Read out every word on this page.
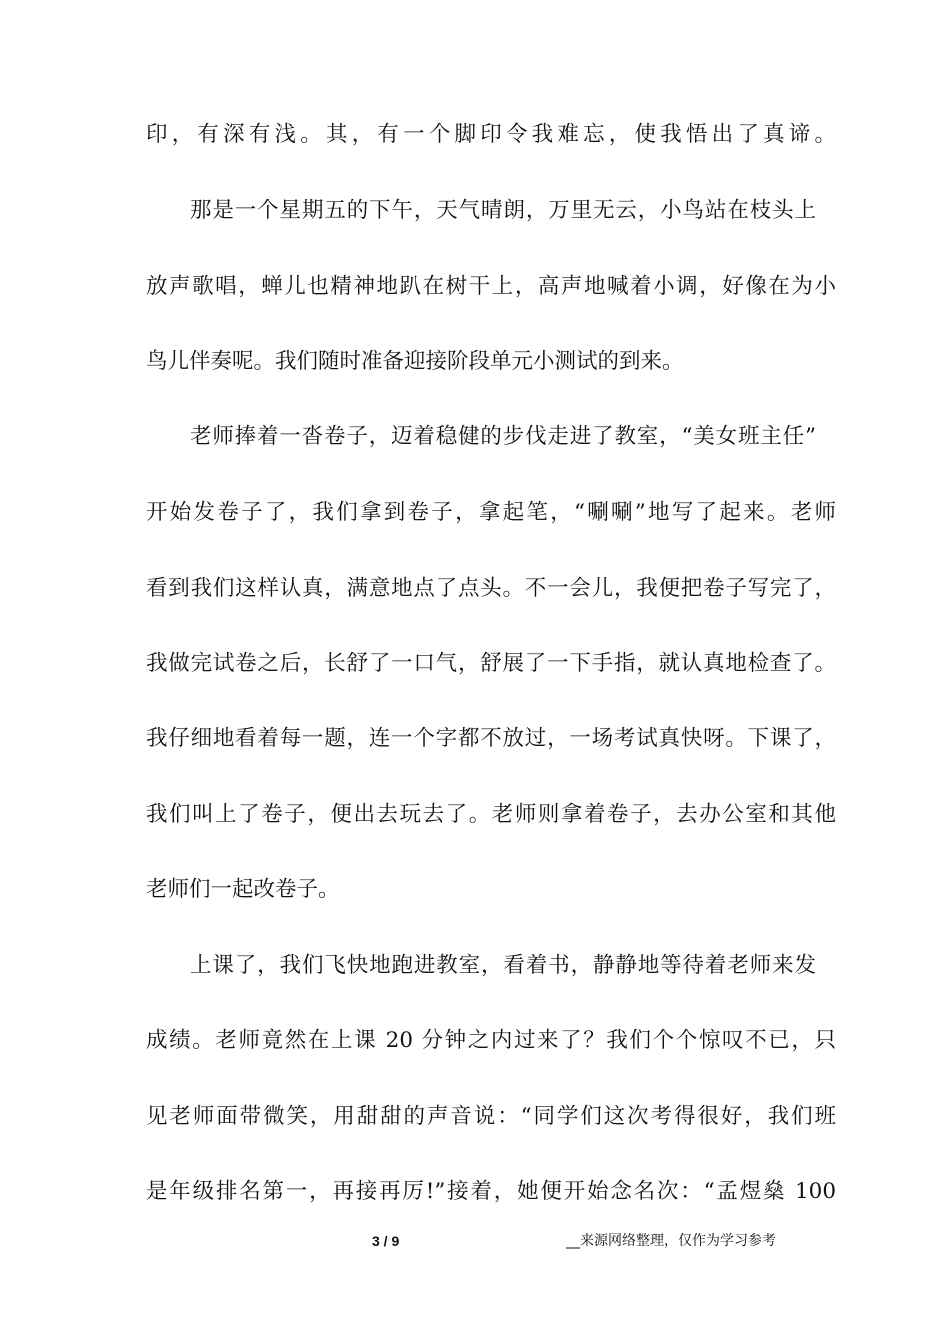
印，有深有浅。其，有一个脚印令我难忘，使我悟出了真谛。
那是一个星期五的下午，天气晴朗，万里无云，小鸟站在枝头上
放声歌唱，蝉儿也精神地趴在树干上，高声地喊着小调，好像在为小
鸟儿伴奏呢。我们随时准备迎接阶段单元小测试的到来。
老师捧着一沓卷子，迈着稳健的步伐走进了教室，“美女班主任”
开始发卷子了，我们拿到卷子，拿起笔，“唰唰”地写了起来。老师
看到我们这样认真，满意地点了点头。不一会儿，我便把卷子写完了，
我做完试卷之后，长舒了一口气，舒展了一下手指，就认真地检查了。
我仔细地看着每一题，连一个字都不放过，一场考试真快呀。下课了，
我们叫上了卷子，便出去玩去了。老师则拿着卷子，去办公室和其他
老师们一起改卷子。
上课了，我们飞快地跑进教室，看着书，静静地等待着老师来发
成绩。老师竟然在上课 20 分钟之内过来了？我们个个惊叹不已，只
见老师面带微笑，用甜甜的声音说：“同学们这次考得很好，我们班
是年级排名第一，再接再厉!”接着，她便开始念名次：“孟煜燊 100
3 / 9	__来源网络整理，仅作为学习参考
